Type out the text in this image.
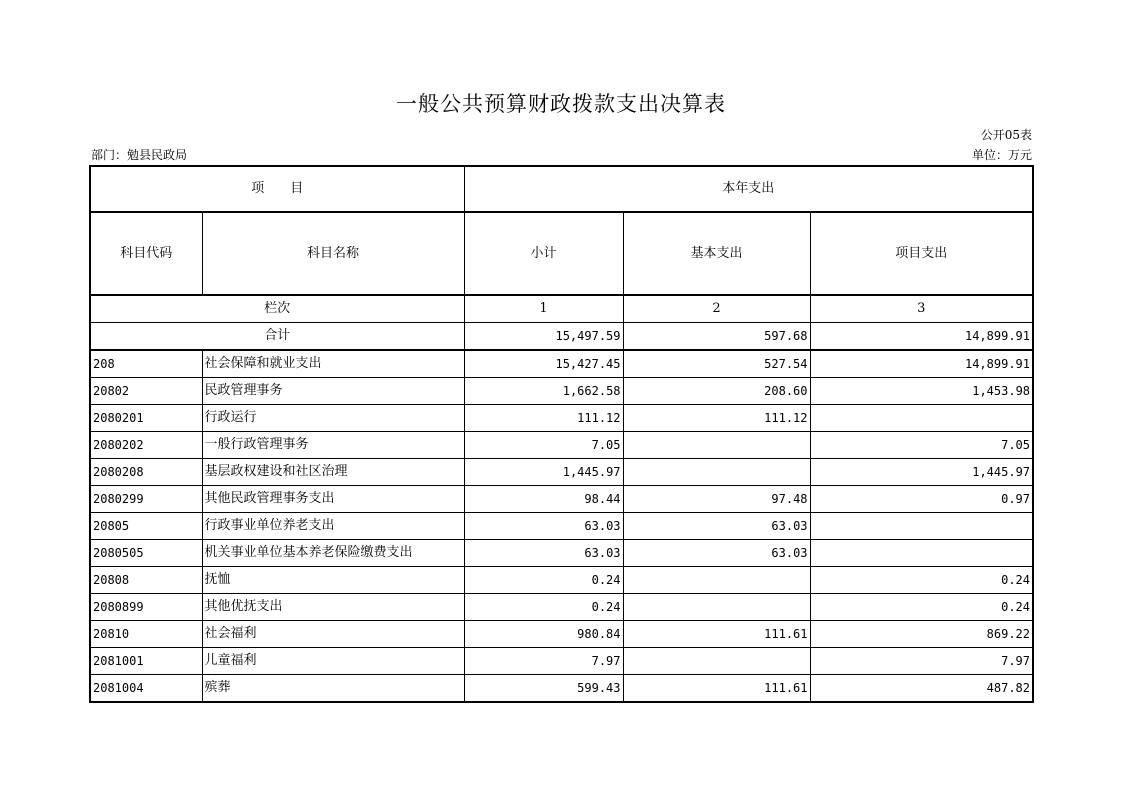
一般公共预算财政拨款支出决算表
公开05表
部门：勉县民政局	单位：万元
项　　目		本年支出		
科目代码	科目名称	小计	基本支出	项目支出
栏次		1	2	3
合计		15,497.59	597.68	14,899.91
208	社会保障和就业支出	15,427.45	527.54	14,899.91
20802	民政管理事务	1,662.58	208.60	1,453.98
2080201	行政运行	111.12	111.12	
2080202	一般行政管理事务	7.05		7.05
2080208	基层政权建设和社区治理	1,445.97		1,445.97
2080299	其他民政管理事务支出	98.44	97.48	0.97
20805	行政事业单位养老支出	63.03	63.03	
2080505	机关事业单位基本养老保险缴费支出	63.03	63.03	
20808	抚恤	0.24		0.24
2080899	其他优抚支出	0.24		0.24
20810	社会福利	980.84	111.61	869.22
2081001	儿童福利	7.97		7.97
2081004	殡葬	599.43	111.61	487.82
